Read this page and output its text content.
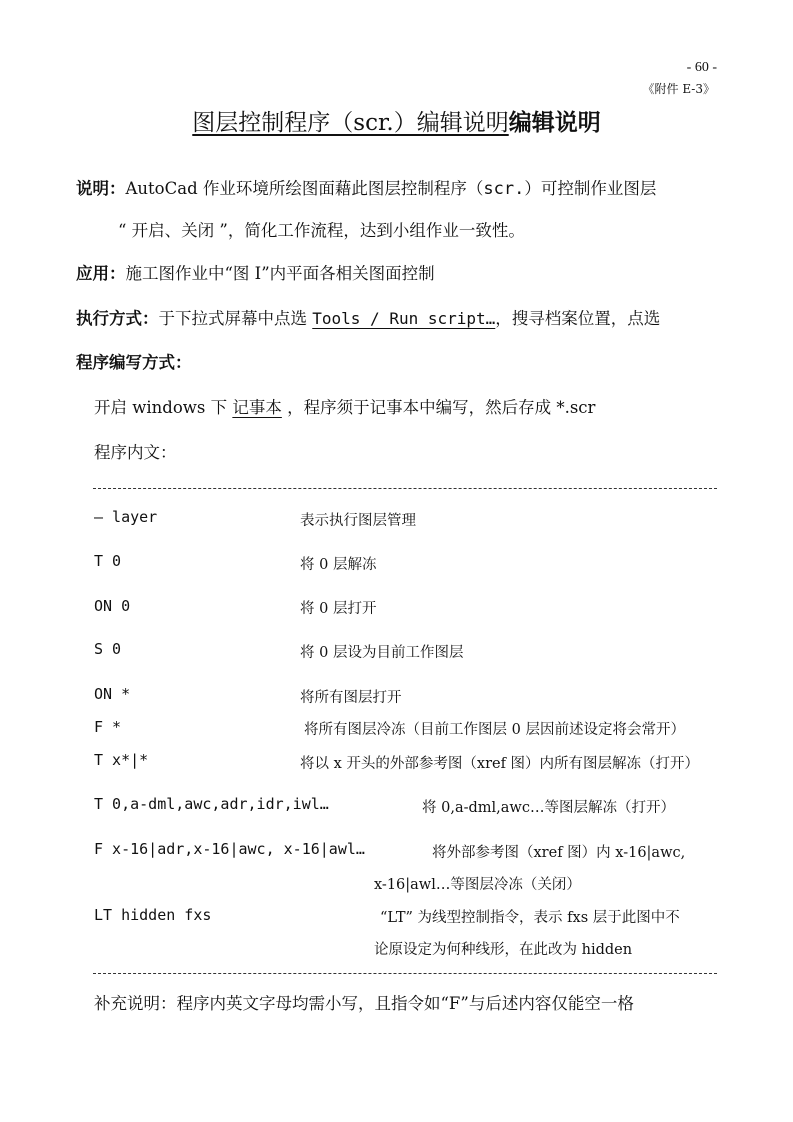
- 60 -
《附件 E-3》
图层控制程序（scr.）编辑说明编辑说明
说明：AutoCad 作业环境所绘图面藉此图层控制程序（scr.）可控制作业图层
“ 开启、关闭 ”，简化工作流程，达到小组作业一致性。
应用：施工图作业中“图 I”内平面各相关图面控制
执行方式：于下拉式屏幕中点选 Tools / Run script…，搜寻档案位置，点选
程序编写方式：
开启 windows 下 记事本 ，程序须于记事本中编写，然后存成 *.scr
程序内文：
— layer	表示执行图层管理
T 0	将 0 层解冻
ON 0	将 0 层打开
S 0	将 0 层设为目前工作图层
ON *	将所有图层打开
F *	将所有图层冷冻（目前工作图层 0 层因前述设定将会常开）
T x*|*	将以 x 开头的外部参考图（xref 图）内所有图层解冻（打开）
T 0,a-dml,awc,adr,idr,iwl…	将 0,a-dml,awc…等图层解冻（打开）
F x-16|adr,x-16|awc, x-16|awl…	将外部参考图（xref 图）内 x-16|awc,
x-16|awl…等图层冷冻（关闭）
LT hidden fxs	“LT” 为线型控制指令，表示 fxs 层于此图中不
论原设定为何种线形，在此改为 hidden
补充说明：程序内英文字母均需小写，且指令如“F”与后述内容仅能空一格
